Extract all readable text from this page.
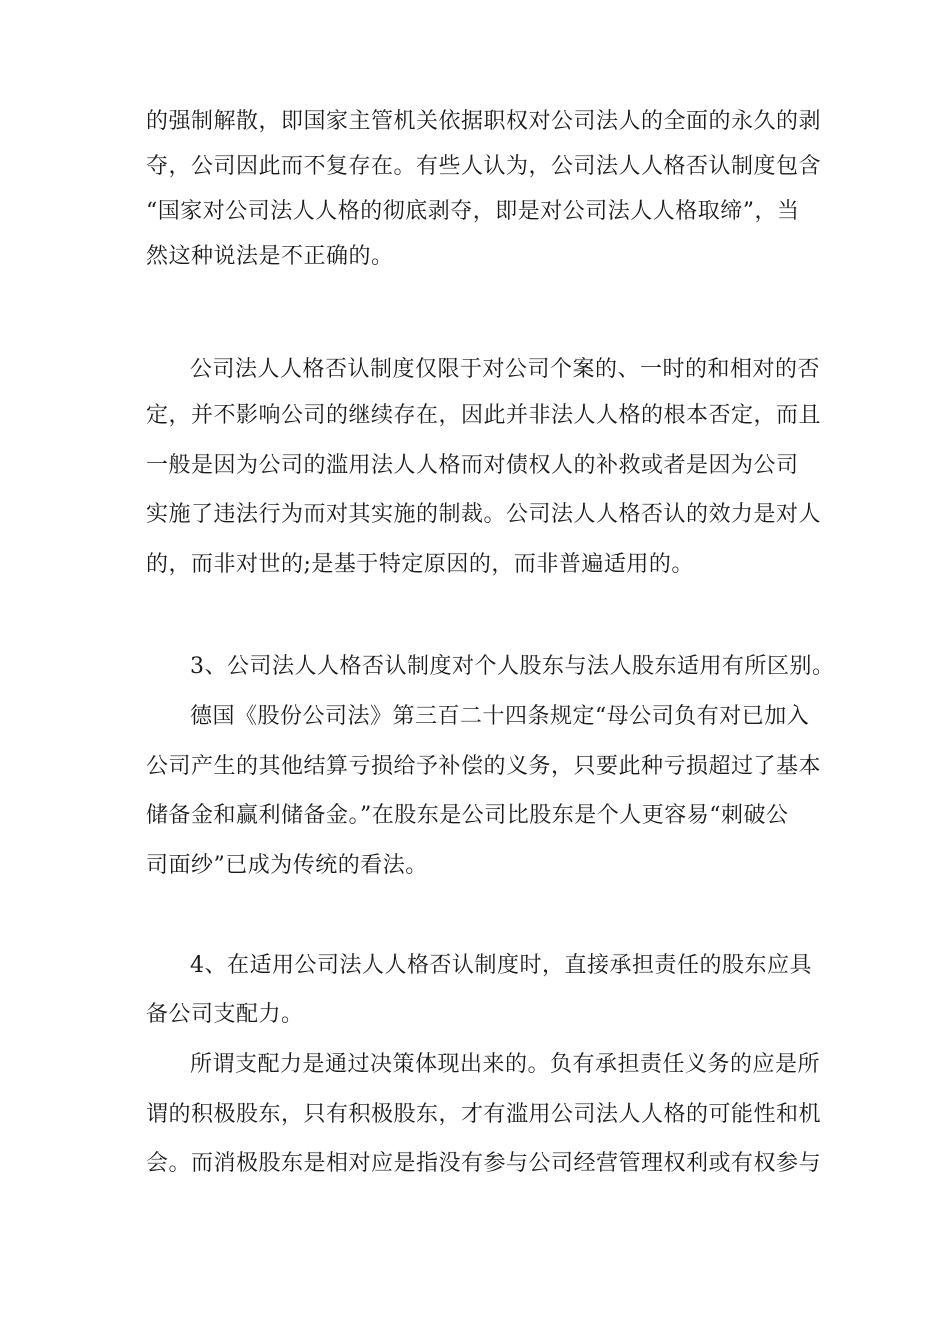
的强制解散，即国家主管机关依据职权对公司法人的全面的永久的剥
夺，公司因此而不复存在。有些人认为，公司法人人格否认制度包含
“国家对公司法人人格的彻底剥夺，即是对公司法人人格取缔”，当
然这种说法是不正确的。
公司法人人格否认制度仅限于对公司个案的、一时的和相对的否
定，并不影响公司的继续存在，因此并非法人人格的根本否定，而且
一般是因为公司的滥用法人人格而对债权人的补救或者是因为公司
实施了违法行为而对其实施的制裁。公司法人人格否认的效力是对人
的，而非对世的;是基于特定原因的，而非普遍适用的。
3、公司法人人格否认制度对个人股东与法人股东适用有所区别。
德国《股份公司法》第三百二十四条规定“母公司负有对已加入
公司产生的其他结算亏损给予补偿的义务，只要此种亏损超过了基本
储备金和赢利储备金。”在股东是公司比股东是个人更容易“刺破公
司面纱”已成为传统的看法。
4、在适用公司法人人格否认制度时，直接承担责任的股东应具
备公司支配力。
所谓支配力是通过决策体现出来的。负有承担责任义务的应是所
谓的积极股东，只有积极股东，才有滥用公司法人人格的可能性和机
会。而消极股东是相对应是指没有参与公司经营管理权利或有权参与
